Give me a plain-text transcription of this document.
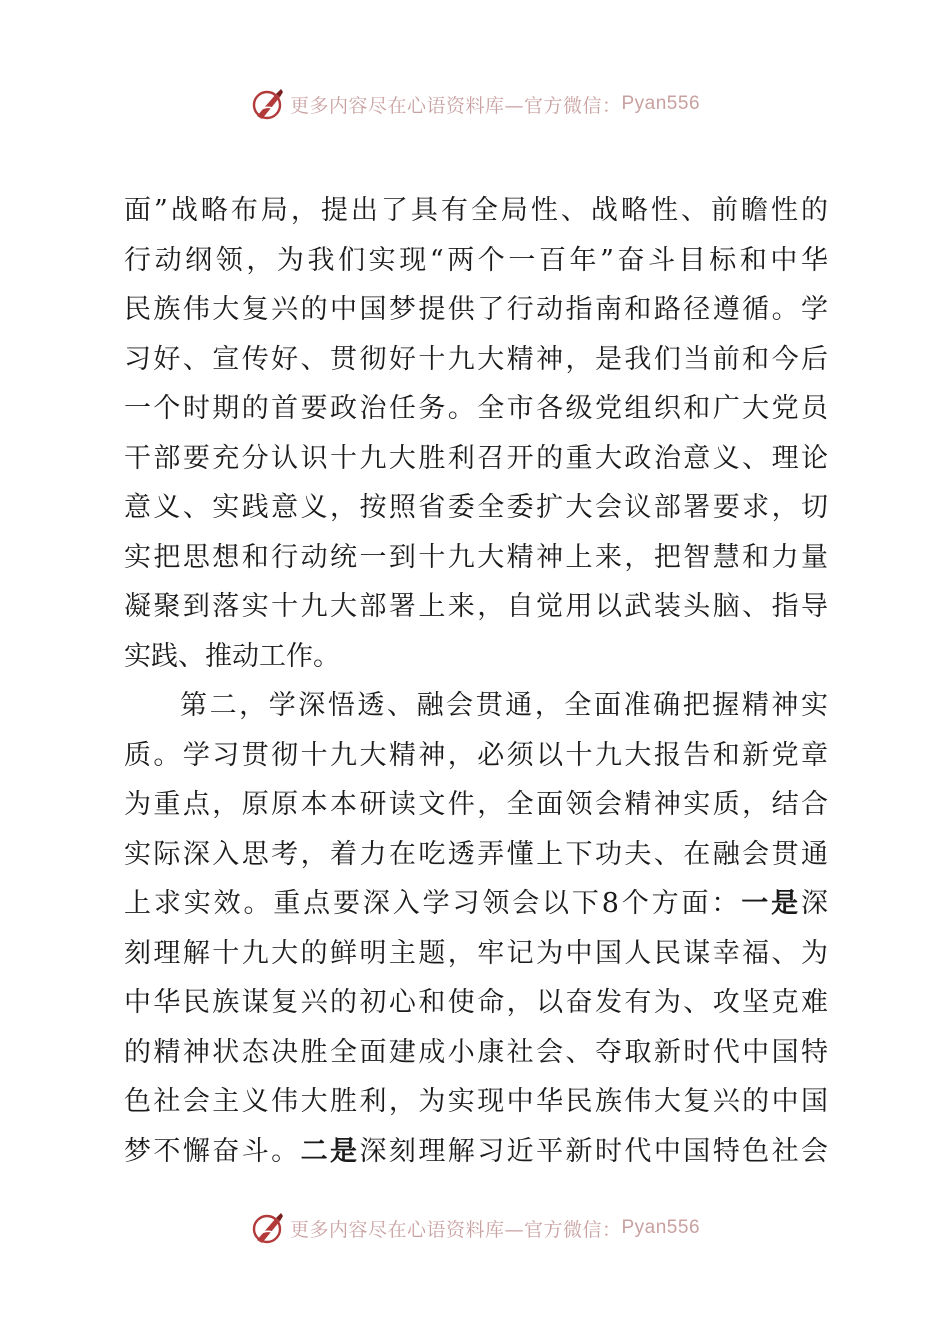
更多内容尽在心语资料库—官方微信： Pyan556
面”战略布局，提出了具有全局性、战略性、前瞻性的
行动纲领，为我们实现“两个一百年”奋斗目标和中华
民族伟大复兴的中国梦提供了行动指南和路径遵循。学
习好、宣传好、贯彻好十九大精神，是我们当前和今后
一个时期的首要政治任务。全市各级党组织和广大党员
干部要充分认识十九大胜利召开的重大政治意义、理论
意义、实践意义，按照省委全委扩大会议部署要求，切
实把思想和行动统一到十九大精神上来，把智慧和力量
凝聚到落实十九大部署上来，自觉用以武装头脑、指导
实践、推动工作。
第二，学深悟透、融会贯通，全面准确把握精神实
质。学习贯彻十九大精神，必须以十九大报告和新党章
为重点，原原本本研读文件，全面领会精神实质，结合
实际深入思考，着力在吃透弄懂上下功夫、在融会贯通
上求实效。重点要深入学习领会以下8个方面：一是深
刻理解十九大的鲜明主题，牢记为中国人民谋幸福、为
中华民族谋复兴的初心和使命，以奋发有为、攻坚克难
的精神状态决胜全面建成小康社会、夺取新时代中国特
色社会主义伟大胜利，为实现中华民族伟大复兴的中国
梦不懈奋斗。二是深刻理解习近平新时代中国特色社会
更多内容尽在心语资料库—官方微信： Pyan556
